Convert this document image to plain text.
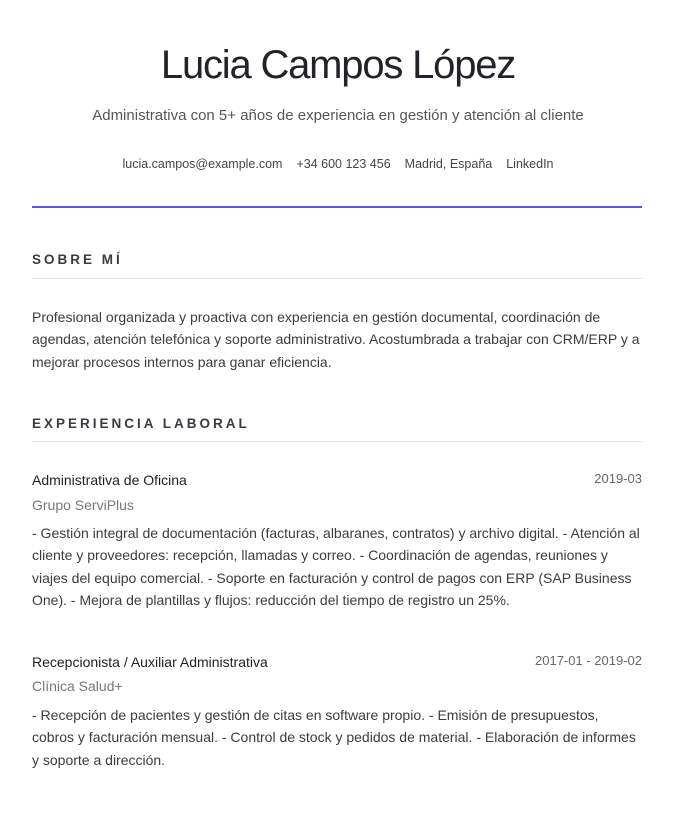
Lucia Campos López
Administrativa con 5+ años de experiencia en gestión y atención al cliente
lucia.campos@example.com +34 600 123 456 Madrid, España LinkedIn
SOBRE MÍ

Profesional organizada y proactiva con experiencia en gestión documental, coordinación de agendas, atención telefónica y soporte administrativo. Acostumbrada a trabajar con CRM/ERP y a mejorar procesos internos para ganar eficiencia.

EXPERIENCIA LABORAL
Administrativa de Oficina	2019-03
Grupo ServiPlus

- Gestión integral de documentación (facturas, albaranes, contratos) y archivo digital. - Atención al cliente y proveedores: recepción, llamadas y correo. - Coordinación de agendas, reuniones y viajes del equipo comercial. - Soporte en facturación y control de pagos con ERP (SAP Business One). - Mejora de plantillas y flujos: reducción del tiempo de registro un 25%.

Recepcionista / Auxiliar Administrativa	2017-01 - 2019-02
Clínica Salud+

- Recepción de pacientes y gestión de citas en software propio. - Emisión de presupuestos, cobros y facturación mensual. - Control de stock y pedidos de material. - Elaboración de informes y soporte a dirección.
